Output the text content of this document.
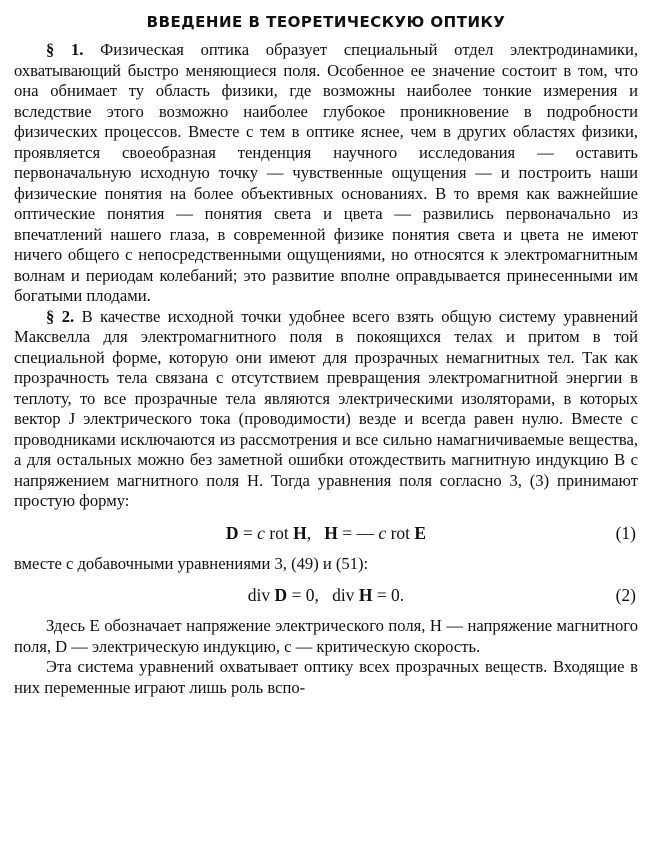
ВВЕДЕНИЕ В ТЕОРЕТИЧЕСКУЮ ОПТИКУ

§ 1. Физическая оптика образует специальный отдел электродинамики, охватывающий быстро меняющиеся поля. Особенное ее значение состоит в том, что она обнимает ту область физики, где возможны наиболее тонкие измерения и вследствие этого возможно наиболее глубокое проникновение в подробности физических процессов. Вместе с тем в оптике яснее, чем в других областях физики, проявляется своеобразная тенденция научного исследования — оставить первоначальную исходную точку — чувственные ощущения — и построить наши физические понятия на более объективных основаниях. В то время как важнейшие оптические понятия — понятия света и цвета — развились первоначально из впечатлений нашего глаза, в современной физике понятия света и цвета не имеют ничего общего с непосредственными ощущениями, но относятся к электромагнитным волнам и периодам колебаний; это развитие вполне оправдывается принесенными им богатыми плодами.

§ 2. В качестве исходной точки удобнее всего взять общую систему уравнений Максвелла для электромагнитного поля в покоящихся телах и притом в той специальной форме, которую они имеют для прозрачных немагнитных тел. Так как прозрачность тела связана с отсутствием превращения электромагнитной энергии в теплоту, то все прозрачные тела являются электрическими изоляторами, в которых вектор J электрического тока (проводимости) везде и всегда равен нулю. Вместе с проводниками исключаются из рассмотрения и все сильно намагничиваемые вещества, а для остальных можно без заметной ошибки отождествить магнитную индукцию B с напряжением магнитного поля H. Тогда уравнения поля согласно 3, (3) принимают простую форму:

D = c rot H, H = — c rot E	(1)

вместе с добавочными уравнениями 3, (49) и (51):

div D = 0, div H = 0.	(2)

Здесь E обозначает напряжение электрического поля, H — напряжение магнитного поля, D — электрическую индукцию, c — критическую скорость.

Эта система уравнений охватывает оптику всех прозрачных веществ. Входящие в них переменные играют лишь роль вспо-
